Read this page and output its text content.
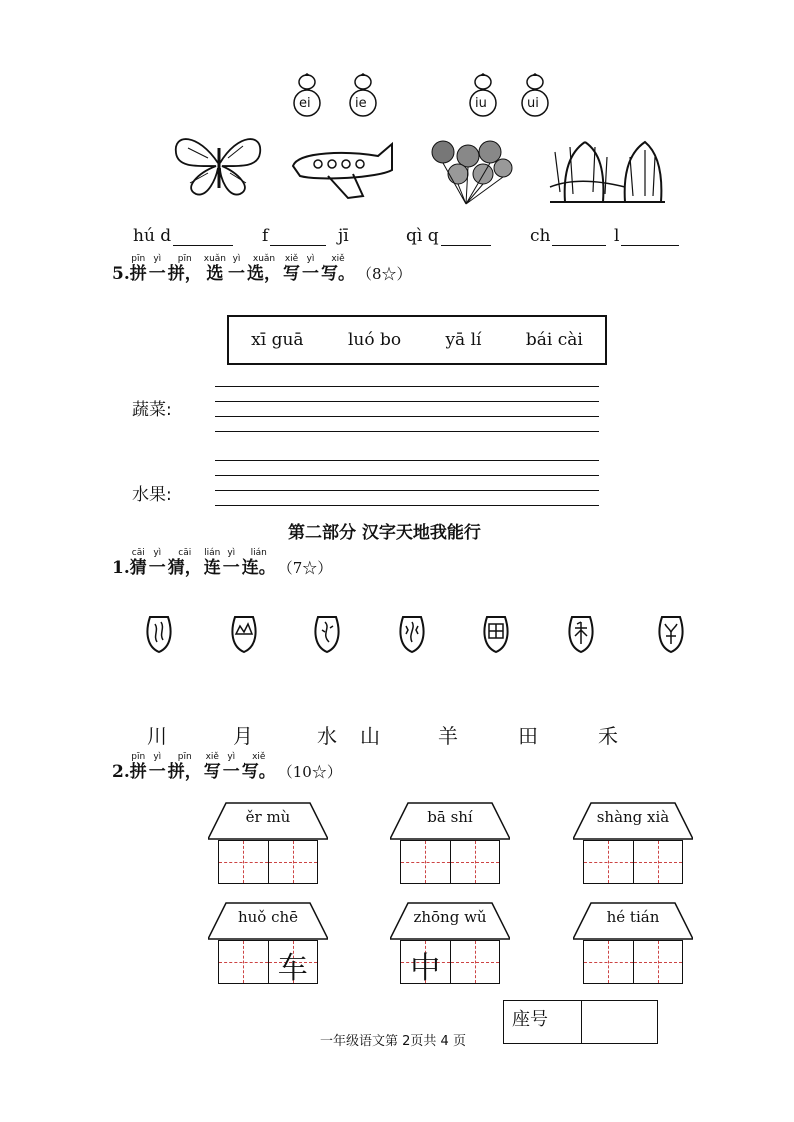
ei	ie	iu	ui
hú d	f	jī	qì q	ch	l
5.
pīn
拼
yì
一
pīn
拼，
xuǎn
选
yì
一
xuǎn
选，
xiě
写
yì
一
xiě
写。 （8☆）
xī guā	luó bo	yā lí	bái cài
蔬菜:
水果:
第二部分 汉字天地我能行
1.
cāi
猜
yì
一
cāi
猜，
lián
连
yì
一
lián
连。 （7☆）
川	月	水 山	羊	田	禾
2.
pīn
拼
yì
一
pīn
拼，
xiě
写
yì
一
xiě
写。 （10☆）
ěr mù	bā shí	shàng xià
huǒ chē
车
zhōng wǔ
中
hé tián
座号
一年级语文第 2页共 4 页
